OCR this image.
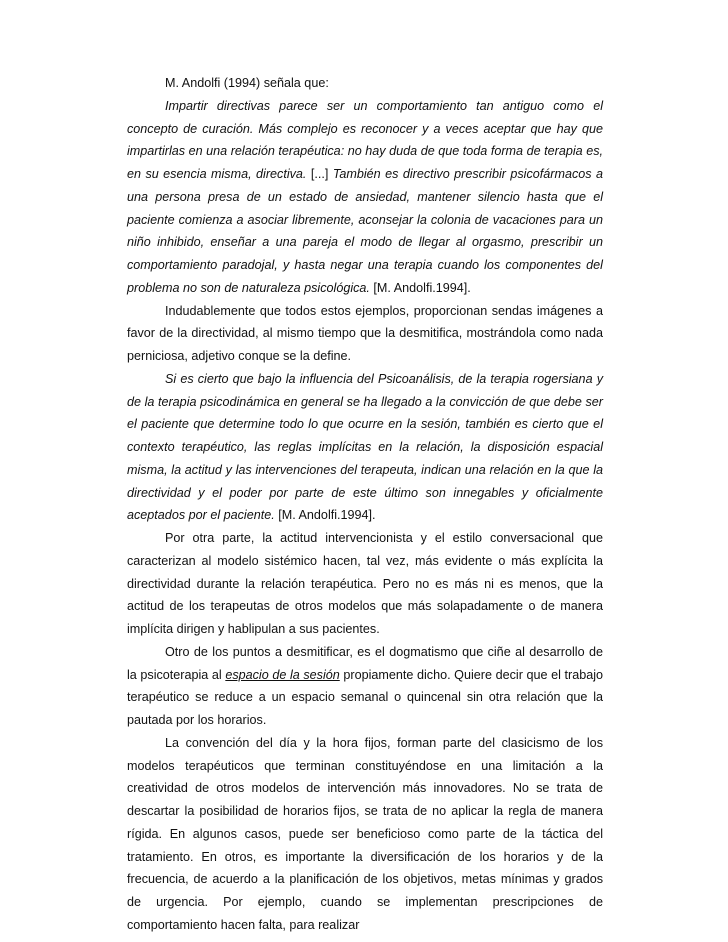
M. Andolfi (1994) señala que:

Impartir directivas parece ser un comportamiento tan antiguo como el concepto de curación. Más complejo es reconocer y a veces aceptar que hay que impartirlas en una relación terapéutica: no hay duda de que toda forma de terapia es, en su esencia misma, directiva. [...] También es directivo prescribir psicofármacos a una persona presa de un estado de ansiedad, mantener silencio hasta que el paciente comienza a asociar libremente, aconsejar la colonia de vacaciones para un niño inhibido, enseñar a una pareja el modo de llegar al orgasmo, prescribir un comportamiento paradojal, y hasta negar una terapia cuando los componentes del problema no son de naturaleza psicológica. [M. Andolfi.1994].

Indudablemente que todos estos ejemplos, proporcionan sendas imágenes a favor de la directividad, al mismo tiempo que la desmitifica, mostrándola como nada perniciosa, adjetivo conque se la define.

Si es cierto que bajo la influencia del Psicoanálisis, de la terapia rogersiana y de la terapia psicodinámica en general se ha llegado a la convicción de que debe ser el paciente que determine todo lo que ocurre en la sesión, también es cierto que el contexto terapéutico, las reglas implícitas en la relación, la disposición espacial misma, la actitud y las intervenciones del terapeuta, indican una relación en la que la directividad y el poder por parte de este último son innegables y oficialmente aceptados por el paciente. [M. Andolfi.1994].

Por otra parte, la actitud intervencionista y el estilo conversacional que caracterizan al modelo sistémico hacen, tal vez, más evidente o más explícita la directividad durante la relación terapéutica. Pero no es más ni es menos, que la actitud de los terapeutas de otros modelos que más solapadamente o de manera implícita dirigen y hablipulan a sus pacientes.

Otro de los puntos a desmitificar, es el dogmatismo que ciñe al desarrollo de la psicoterapia al espacio de la sesión propiamente dicho. Quiere decir que el trabajo terapéutico se reduce a un espacio semanal o quincenal sin otra relación que la pautada por los horarios.

La convención del día y la hora fijos, forman parte del clasicismo de los modelos terapéuticos que terminan constituyéndose en una limitación a la creatividad de otros modelos de intervención más innovadores. No se trata de descartar la posibilidad de horarios fijos, se trata de no aplicar la regla de manera rígida. En algunos casos, puede ser beneficioso como parte de la táctica del tratamiento. En otros, es importante la diversificación de los horarios y de la frecuencia, de acuerdo a la planificación de los objetivos, metas mínimas y grados de urgencia. Por ejemplo, cuando se implementan prescripciones de comportamiento hacen falta, para realizar
